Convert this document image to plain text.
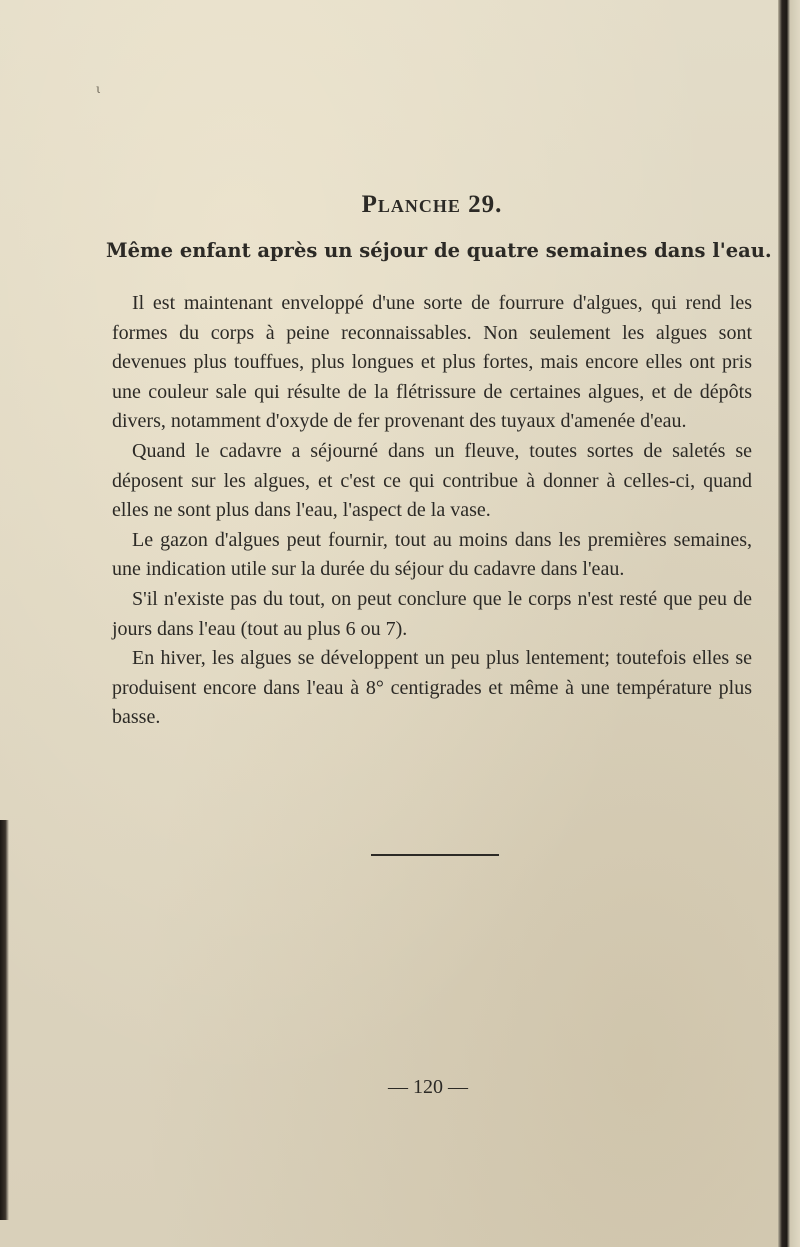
ι
Planche 29.
Même enfant après un séjour de quatre semaines dans l'eau.

Il est maintenant enveloppé d'une sorte de fourrure d'algues, qui rend les formes du corps à peine reconnaissables. Non seulement les algues sont devenues plus touffues, plus longues et plus fortes, mais encore elles ont pris une couleur sale qui résulte de la flétrissure de certaines algues, et de dépôts divers, notamment d'oxyde de fer provenant des tuyaux d'amenée d'eau.

Quand le cadavre a séjourné dans un fleuve, toutes sortes de saletés se déposent sur les algues, et c'est ce qui contribue à donner à celles-ci, quand elles ne sont plus dans l'eau, l'aspect de la vase.

Le gazon d'algues peut fournir, tout au moins dans les premières semaines, une indication utile sur la durée du séjour du cadavre dans l'eau.

S'il n'existe pas du tout, on peut conclure que le corps n'est resté que peu de jours dans l'eau (tout au plus 6 ou 7).

En hiver, les algues se développent un peu plus lentement; toutefois elles se produisent encore dans l'eau à 8° centigrades et même à une température plus basse.

— 120 —
